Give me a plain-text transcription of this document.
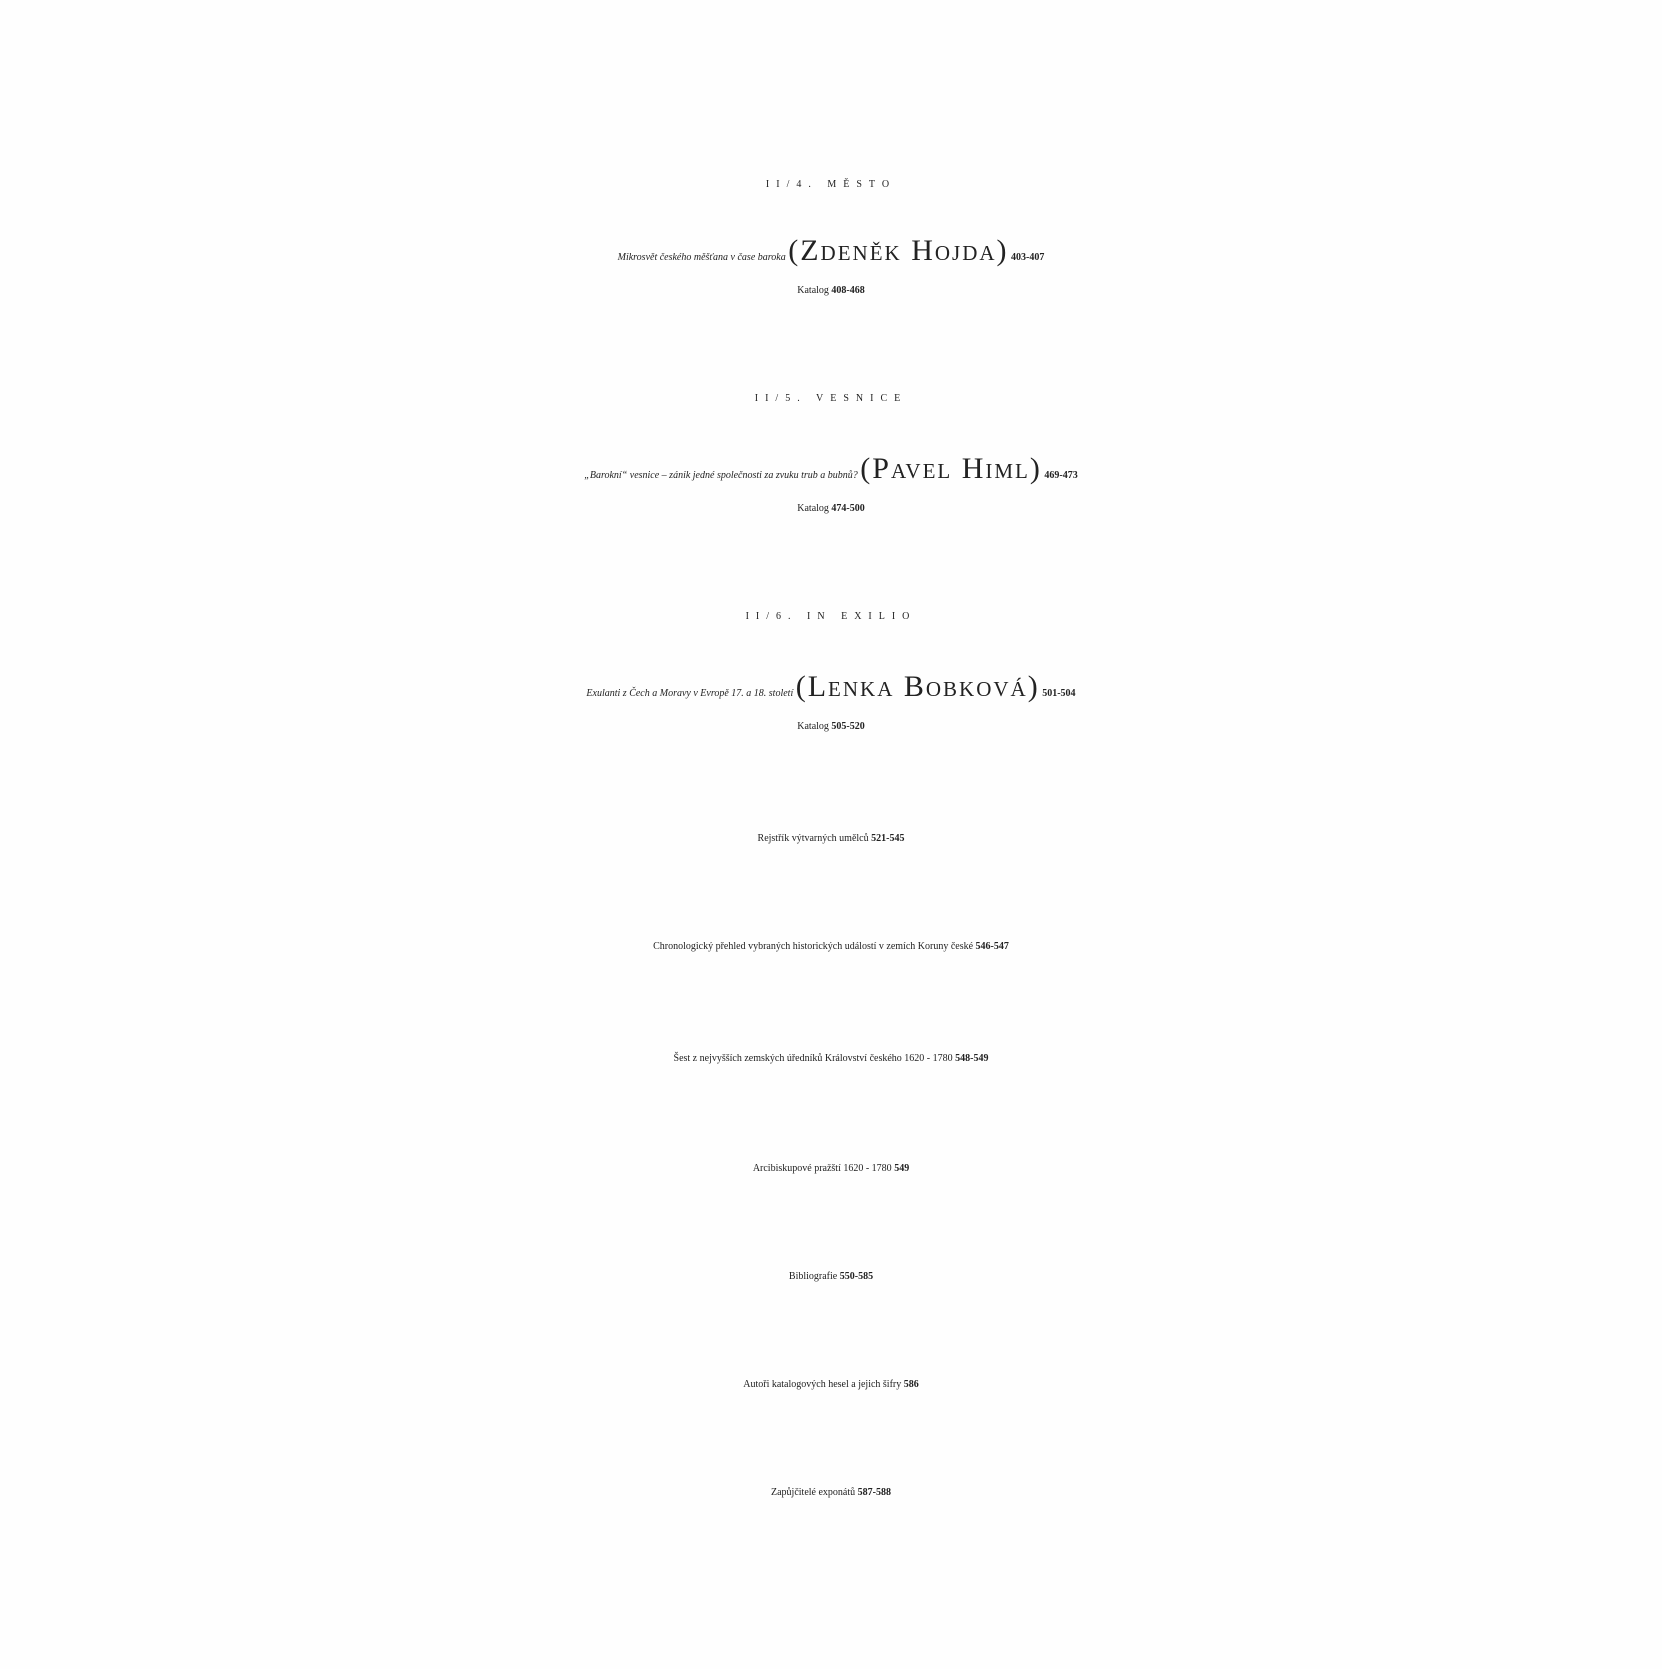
II/4. MĚSTO
Mikrosvět českého měšťana v čase baroka (Zdeněk Hojda) 403-407
Katalog 408-468
II/5. VESNICE
„Barokní“ vesnice – zánik jedné společnosti za zvuku trub a bubnů? (Pavel Himl) 469-473
Katalog 474-500
II/6. IN EXILIO
Exulanti z Čech a Moravy v Evropě 17. a 18. století (Lenka Bobková) 501-504
Katalog 505-520
Rejstřík výtvarných umělců 521-545
Chronologický přehled vybraných historických událostí v zemích Koruny české 546-547
Šest z nejvyšších zemských úředníků Království českého 1620 - 1780 548-549
Arcibiskupové pražští 1620 - 1780 549
Bibliografie 550-585
Autoři katalogových hesel a jejich šifry 586
Zapůjčitelé exponátů 587-588
